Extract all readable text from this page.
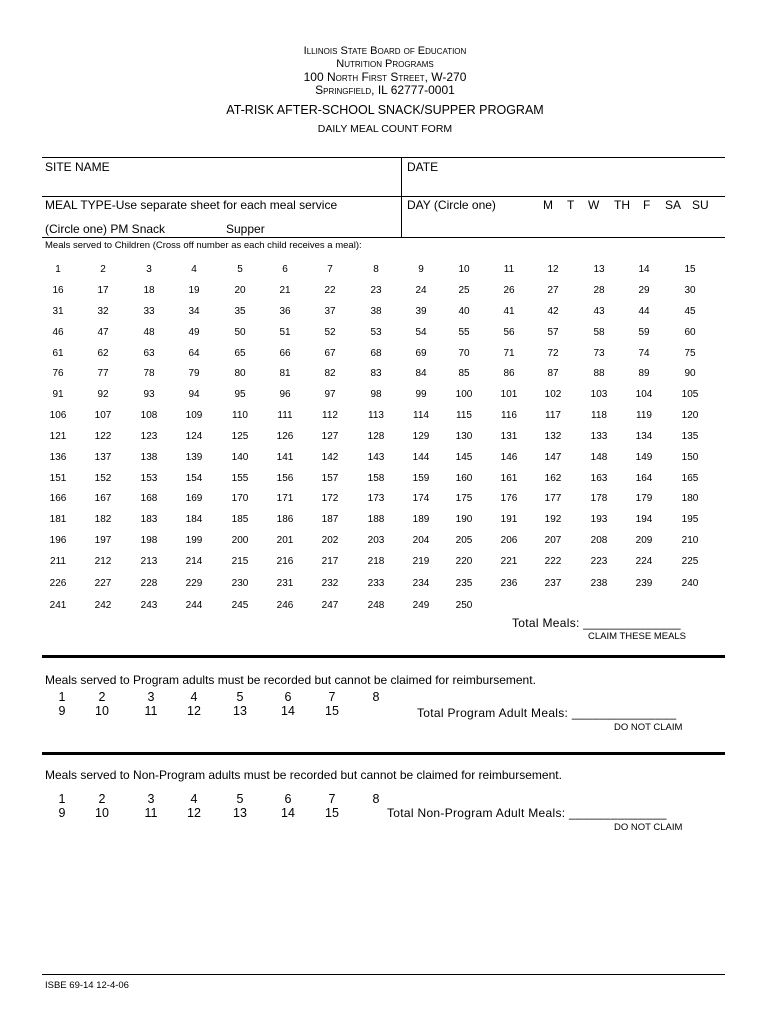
Illinois State Board of Education
Nutrition Programs
100 North First Street, W-270
Springfield, IL 62777-0001
AT-RISK AFTER-SCHOOL SNACK/SUPPER PROGRAM
DAILY MEAL COUNT FORM
SITE NAME	DATE
MEAL TYPE-Use separate sheet for each meal service	DAY (Circle one)	M T W TH F SA SU
(Circle one) PM Snack	Supper
Meals served to Children (Cross off number as each child receives a meal):
1	2	3	4	5	6	7	8	9	10	11	12	13	14	15
16	17	18	19	20	21	22	23	24	25	26	27	28	29	30
31	32	33	34	35	36	37	38	39	40	41	42	43	44	45
46	47	48	49	50	51	52	53	54	55	56	57	58	59	60
61	62	63	64	65	66	67	68	69	70	71	72	73	74	75
76	77	78	79	80	81	82	83	84	85	86	87	88	89	90
91	92	93	94	95	96	97	98	99	100	101	102	103	104	105
106	107	108	109	110	111	112	113	114	115	116	117	118	119	120
121	122	123	124	125	126	127	128	129	130	131	132	133	134	135
136	137	138	139	140	141	142	143	144	145	146	147	148	149	150
151	152	153	154	155	156	157	158	159	160	161	162	163	164	165
166	167	168	169	170	171	172	173	174	175	176	177	178	179	180
181	182	183	184	185	186	187	188	189	190	191	192	193	194	195
196	197	198	199	200	201	202	203	204	205	206	207	208	209	210
211	212	213	214	215	216	217	218	219	220	221	222	223	224	225
226	227	228	229	230	231	232	233	234	235	236	237	238	239	240
241	242	243	244	245	246	247	248	249	250
Total Meals: ______________
CLAIM THESE MEALS
Meals served to Program adults must be recorded but cannot be claimed for reimbursement.
1	2	3	4	5	6	7	8
9	10	11	12	13	14	15	Total Program Adult Meals: _______________
DO NOT CLAIM
Meals served to Non-Program adults must be recorded but cannot be claimed for reimbursement.
1	2	3	4	5	6	7	8
9	10	11	12	13	14	15	Total Non-Program Adult Meals: ______________
DO NOT CLAIM
ISBE 69-14 12-4-06
